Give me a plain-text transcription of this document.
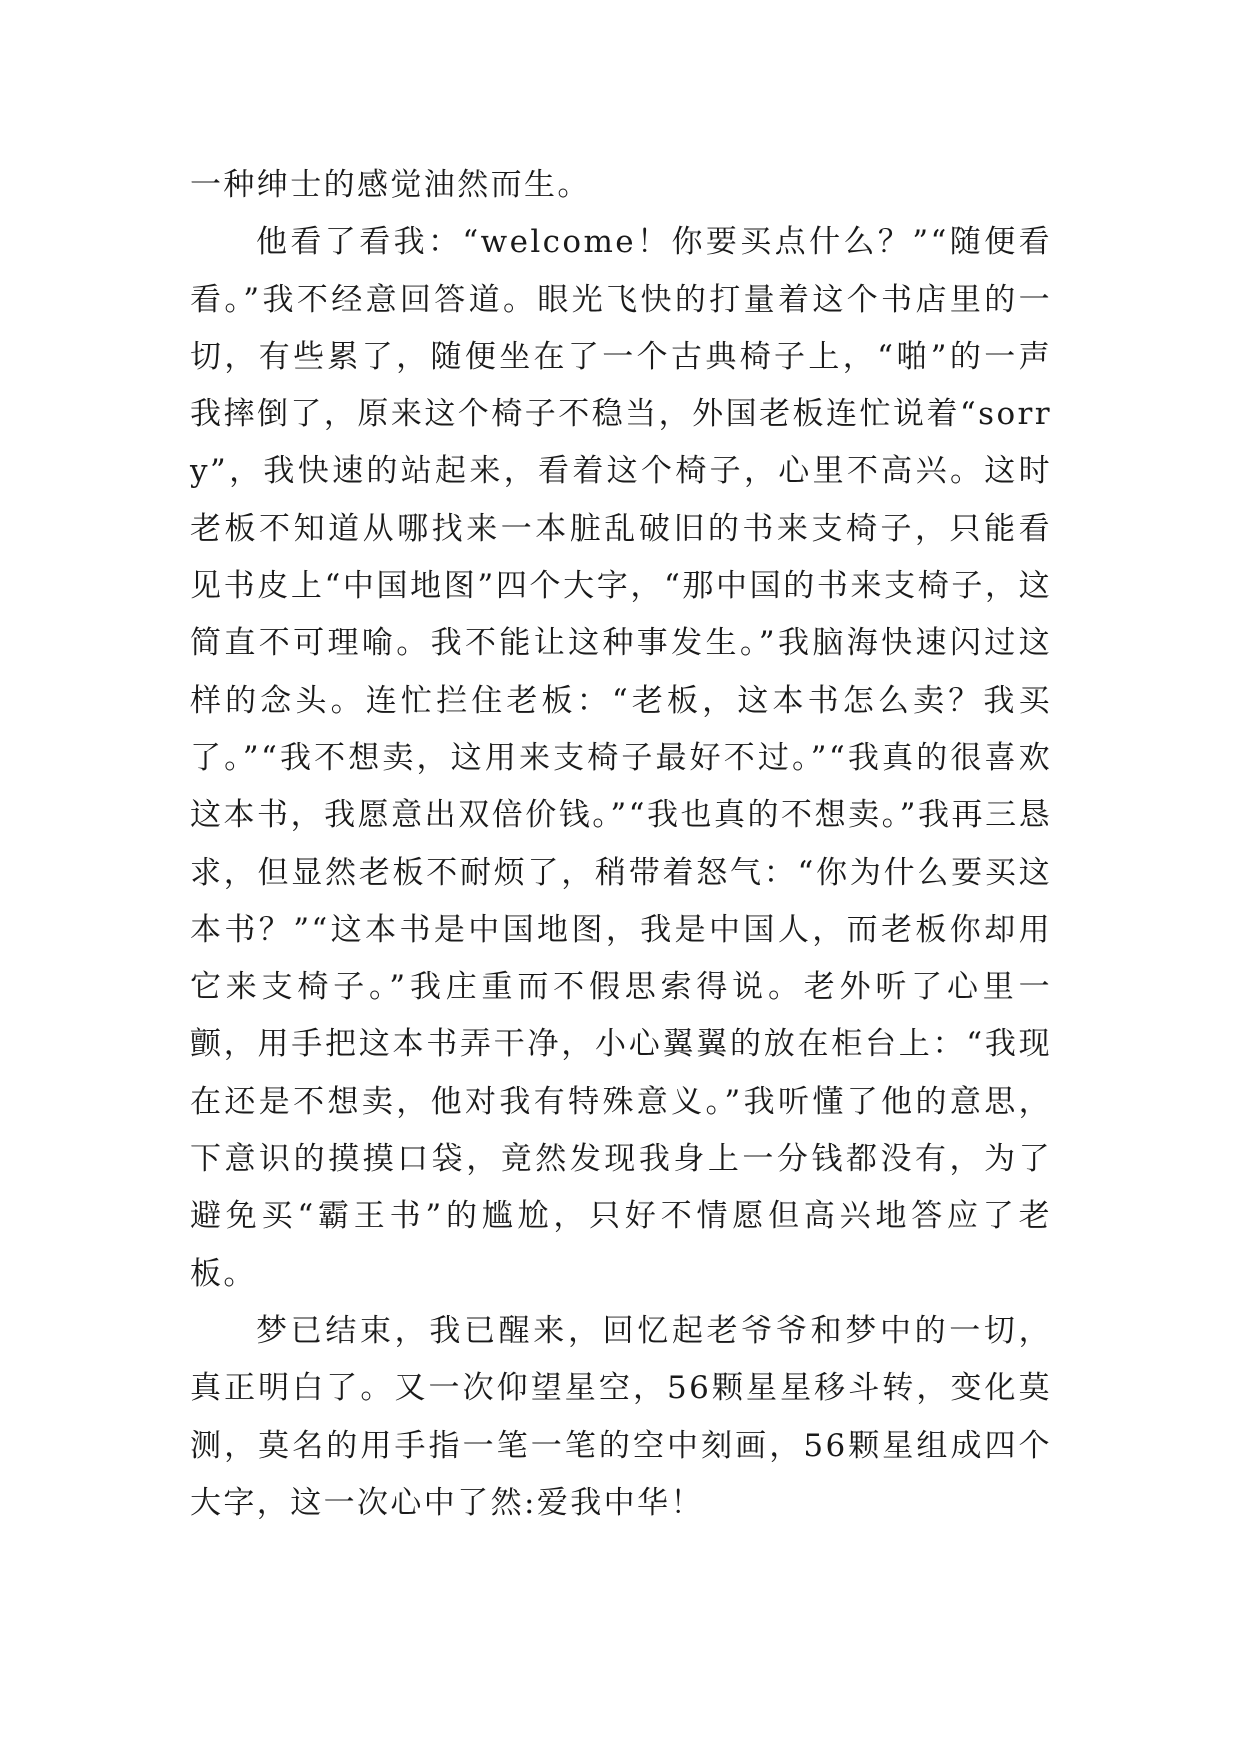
一种绅士的感觉油然而生。

他看了看我：“welcome！你要买点什么？”“随便看看。”我不经意回答道。眼光飞快的打量着这个书店里的一切，有些累了，随便坐在了一个古典椅子上，“啪”的一声我摔倒了，原来这个椅子不稳当，外国老板连忙说着“sorry”，我快速的站起来，看着这个椅子，心里不高兴。这时老板不知道从哪找来一本脏乱破旧的书来支椅子，只能看见书皮上“中国地图”四个大字，“那中国的书来支椅子，这简直不可理喻。我不能让这种事发生。”我脑海快速闪过这样的念头。连忙拦住老板：“老板，这本书怎么卖？我买了。”“我不想卖，这用来支椅子最好不过。”“我真的很喜欢这本书，我愿意出双倍价钱。”“我也真的不想卖。”我再三恳求，但显然老板不耐烦了，稍带着怒气：“你为什么要买这本书？”“这本书是中国地图，我是中国人，而老板你却用它来支椅子。”我庄重而不假思索得说。老外听了心里一颤，用手把这本书弄干净，小心翼翼的放在柜台上：“我现在还是不想卖，他对我有特殊意义。”我听懂了他的意思，下意识的摸摸口袋，竟然发现我身上一分钱都没有，为了避免买“霸王书”的尴尬，只好不情愿但高兴地答应了老板。

梦已结束，我已醒来，回忆起老爷爷和梦中的一切，真正明白了。又一次仰望星空，56颗星星移斗转，变化莫测，莫名的用手指一笔一笔的空中刻画，56颗星组成四个大字，这一次心中了然:爱我中华！
